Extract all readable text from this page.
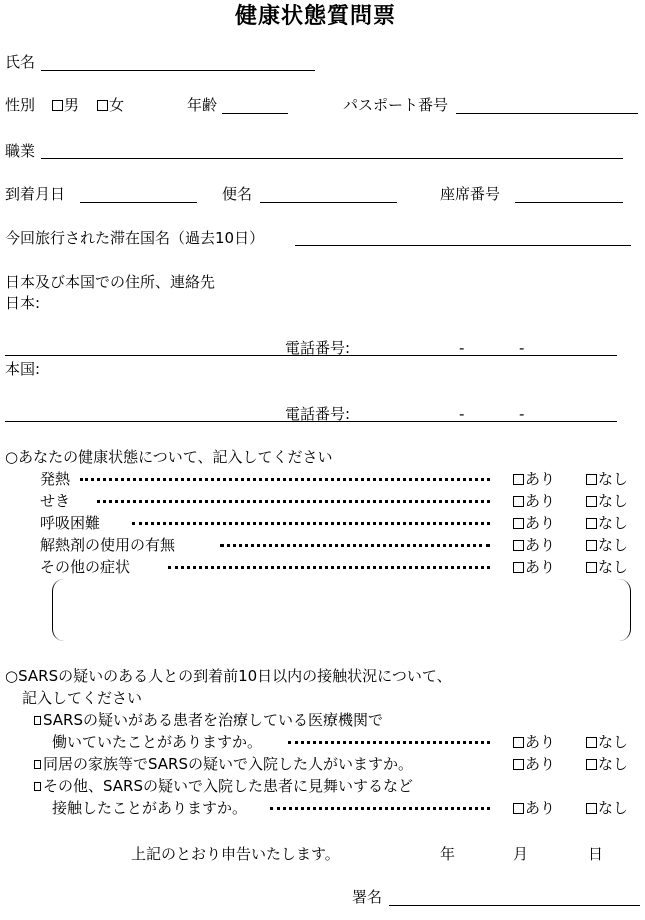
健康状態質問票
氏名
性別	男	女	年齢	パスポート番号
職業
到着月日	便名	座席番号
今回旅行された滞在国名（過去10日）
日本及び本国での住所、連絡先
日本:
電話番号:	-	-
本国:
電話番号:	-	-
○あなたの健康状態について、記入してください
発熱	あり	なし
せき	あり	なし
呼吸困難	あり	なし
解熱剤の使用の有無	あり	なし
その他の症状	あり	なし
○SARSの疑いのある人との到着前10日以内の接触状況について、
記入してください
SARSの疑いがある患者を治療している医療機関で
働いていたことがありますか。	あり	なし
同居の家族等でSARSの疑いで入院した人がいますか。	あり	なし
その他、SARSの疑いで入院した患者に見舞いするなど
接触したことがありますか。	あり	なし
上記のとおり申告いたします。	年	月	日
署名
